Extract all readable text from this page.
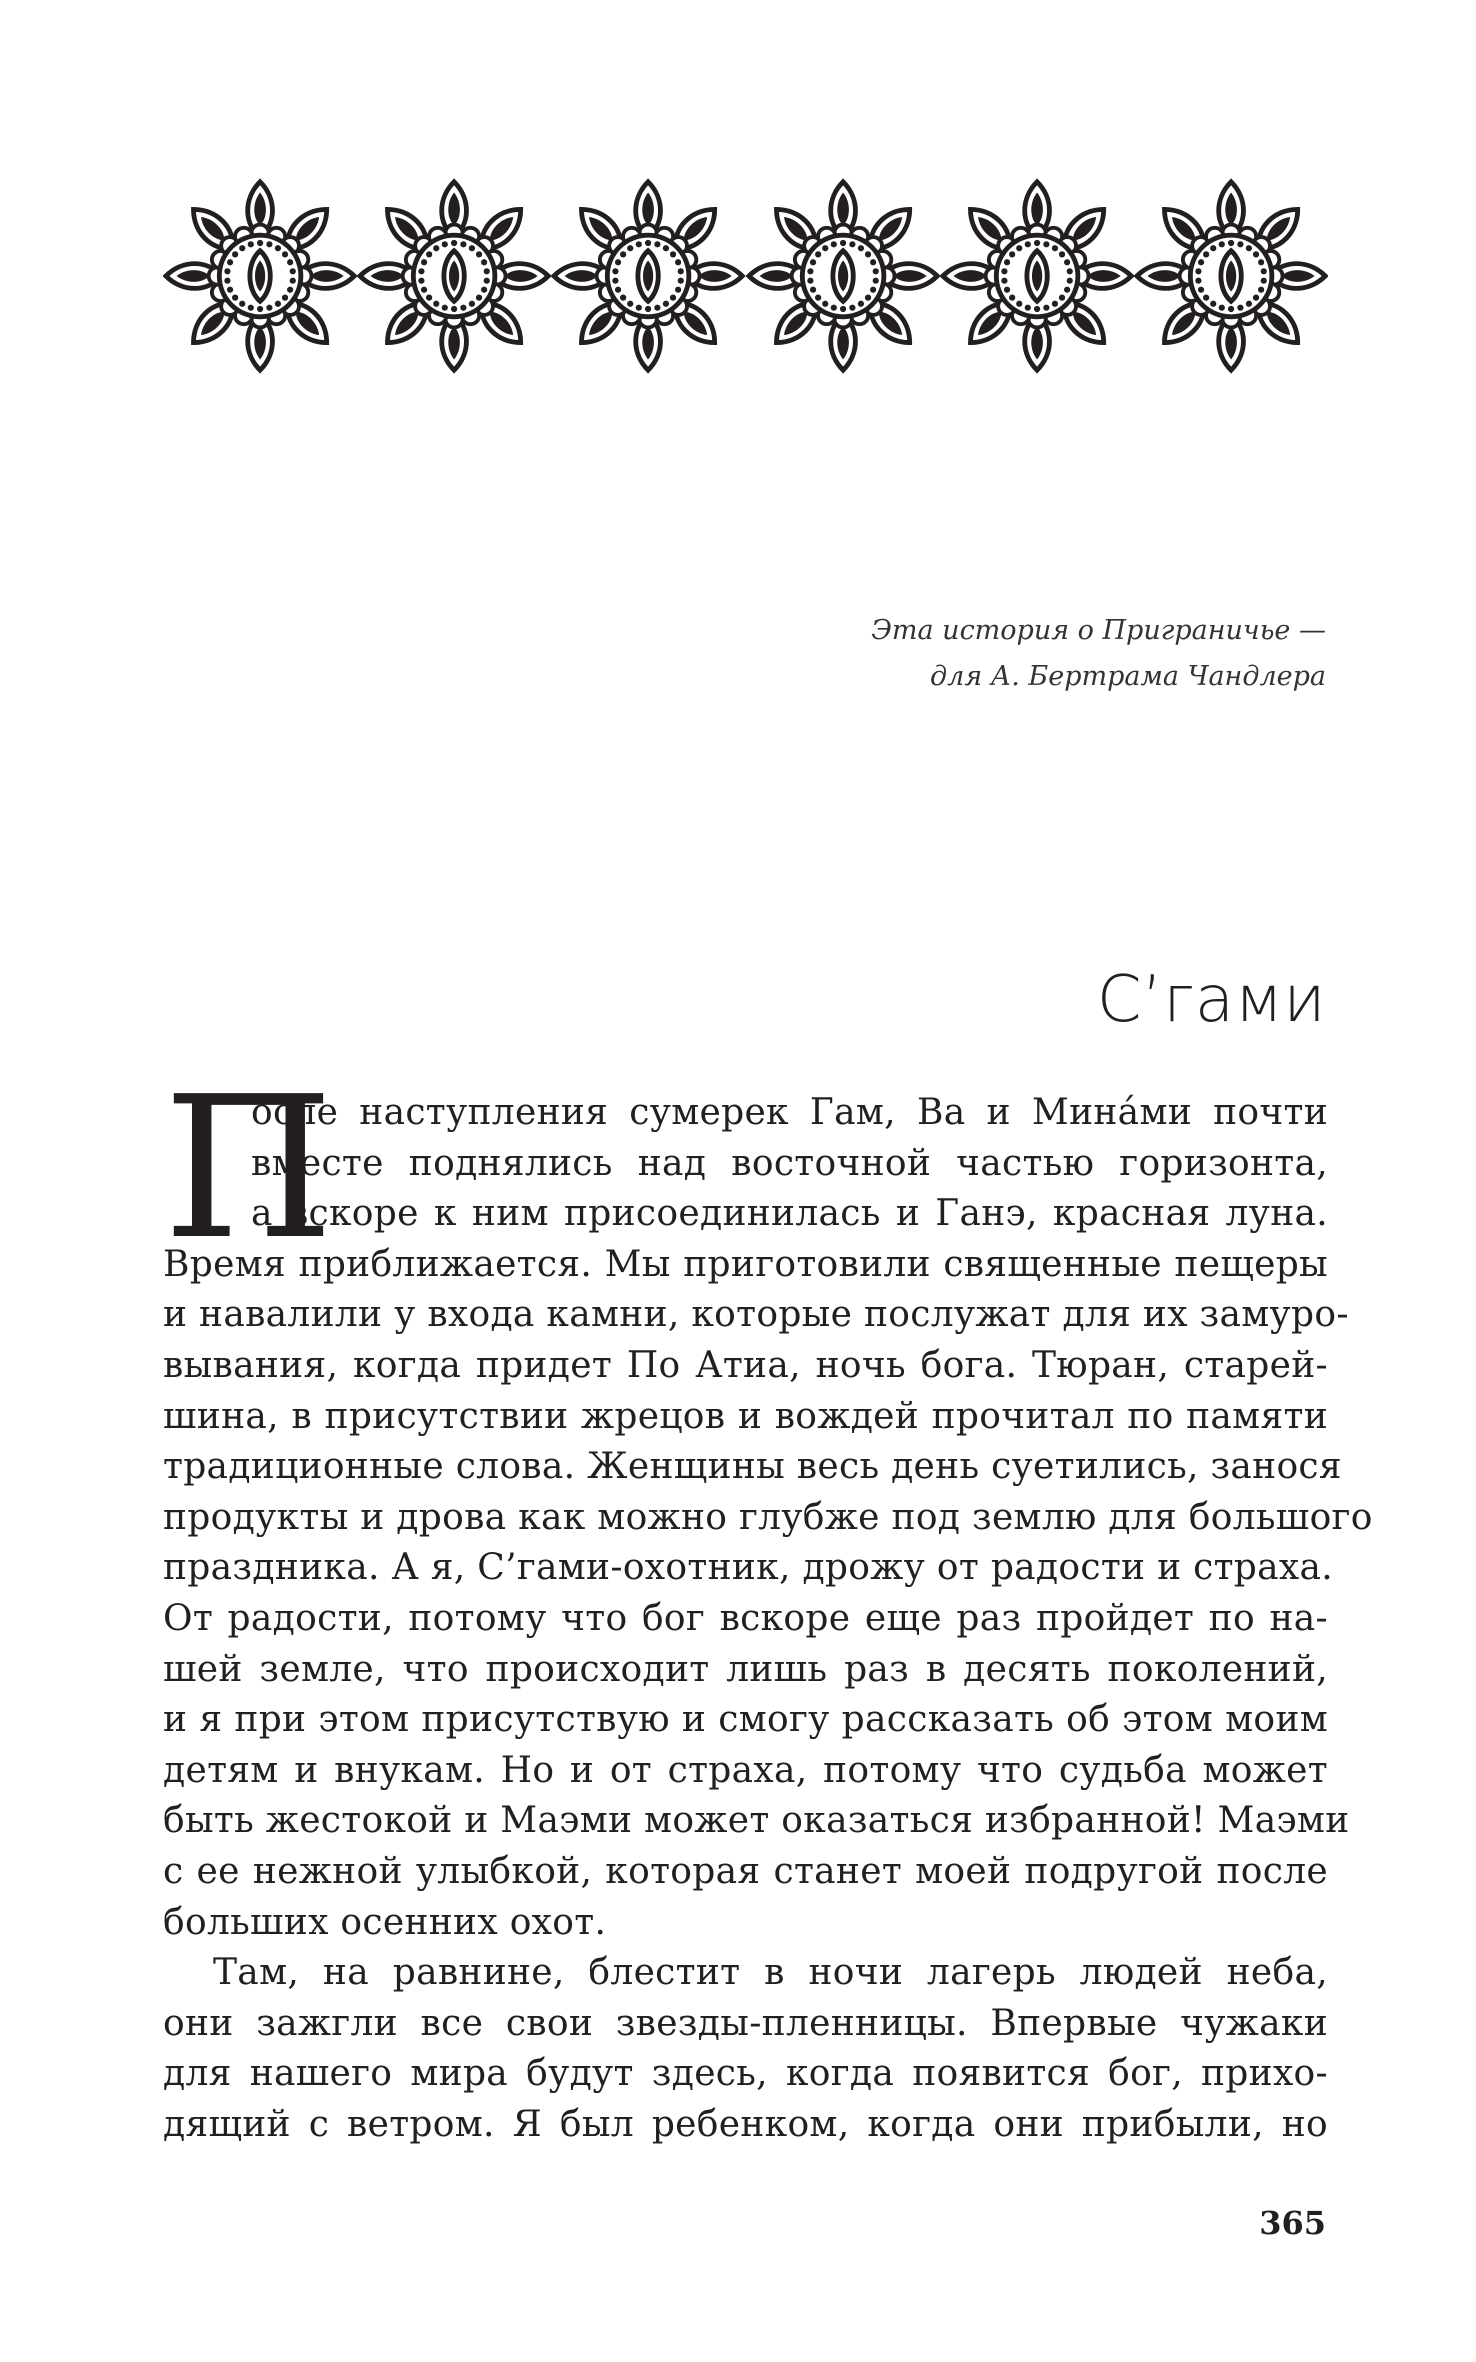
Эта история о Приграничье —
для А. Бертрама Чандлера
С’гами
П
осле наступления сумерек Гам, Ва и Мина́ми почти
вместе поднялись над восточной частью горизонта,
а вскоре к ним присоединилась и Ганэ, красная луна.
Время приближается. Мы приготовили священные пещеры
и навалили у входа камни, которые послужат для их замуро-
вывания, когда придет По Атиа, ночь бога. Тюран, старей-
шина, в присутствии жрецов и вождей прочитал по памяти
традиционные слова. Женщины весь день суетились, занося
продукты и дрова как можно глубже под землю для большого
праздника. А я, С’гами-охотник, дрожу от радости и страха.
От радости, потому что бог вскоре еще раз пройдет по на-
шей земле, что происходит лишь раз в десять поколений,
и я при этом присутствую и смогу рассказать об этом моим
детям и внукам. Но и от страха, потому что судьба может
быть жестокой и Маэми может оказаться избранной! Маэми
с ее нежной улыбкой, которая станет моей подругой после
больших осенних охот.
Там, на равнине, блестит в ночи лагерь людей неба,
они зажгли все свои звезды-пленницы. Впервые чужаки
для нашего мира будут здесь, когда появится бог, прихо-
дящий с ветром. Я был ребенком, когда они прибыли, но
365
